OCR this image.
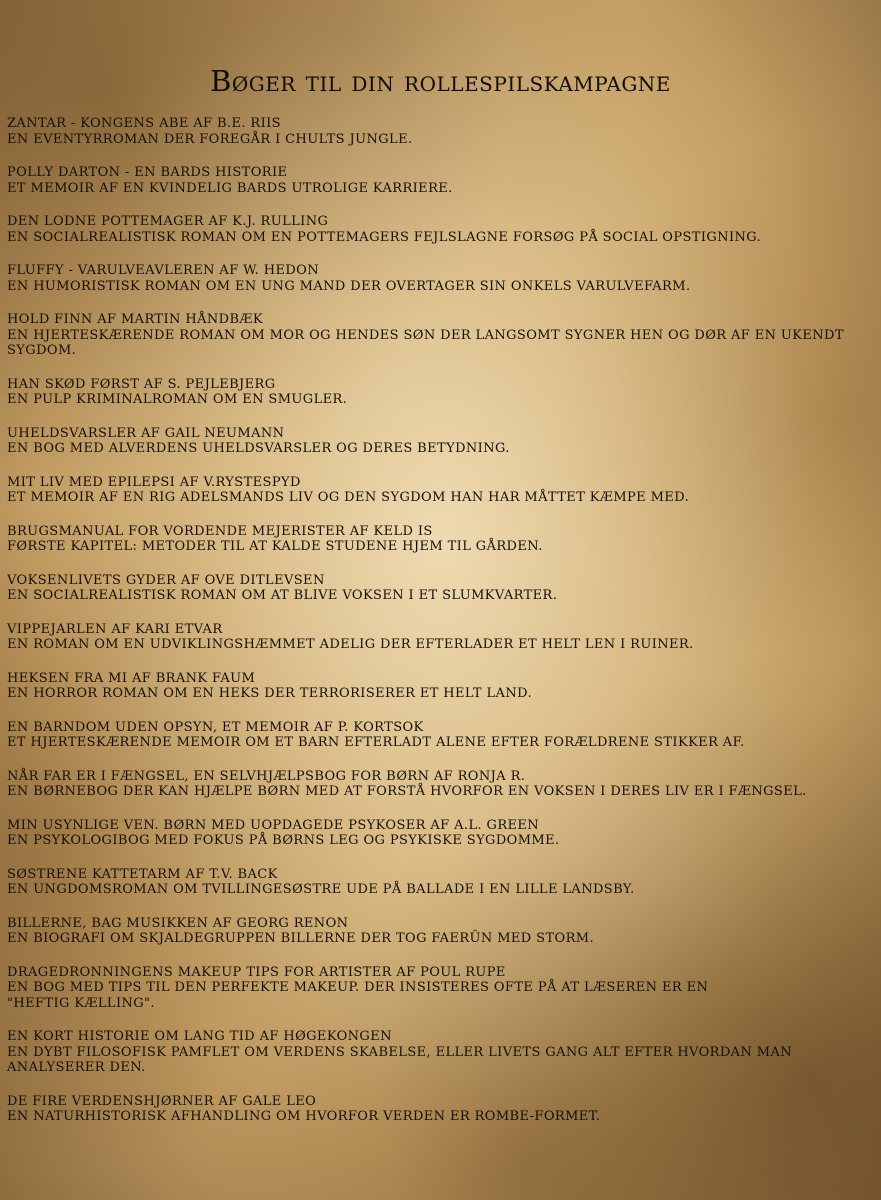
Bøger til din rollespilskampagne
ZANTAR - KONGENS ABE AF B.E. RIIS
EN EVENTYRROMAN DER FOREGÅR I CHULTS JUNGLE.
POLLY DARTON - EN BARDS HISTORIE
ET MEMOIR AF EN KVINDELIG BARDS UTROLIGE KARRIERE.
DEN LODNE POTTEMAGER AF K.J. RULLING
EN SOCIALREALISTISK ROMAN OM EN POTTEMAGERS FEJLSLAGNE FORSØG PÅ SOCIAL OPSTIGNING.
FLUFFY - VARULVEAVLEREN AF W. HEDON
EN HUMORISTISK ROMAN OM EN UNG MAND DER OVERTAGER SIN ONKELS VARULVEFARM.
HOLD FINN AF MARTIN HÅNDBÆK
EN HJERTESKÆRENDE ROMAN OM MOR OG HENDES SØN DER LANGSOMT SYGNER HEN OG DØR AF EN UKENDT SYGDOM.
HAN SKØD FØRST AF S. PEJLEBJERG
EN PULP KRIMINALROMAN OM EN SMUGLER.
UHELDSVARSLER AF GAIL NEUMANN
EN BOG MED ALVERDENS UHELDSVARSLER OG DERES BETYDNING.
MIT LIV MED EPILEPSI AF V.RYSTESPYD
ET MEMOIR AF EN RIG ADELSMANDS LIV OG DEN SYGDOM HAN HAR MÅTTET KÆMPE MED.
BRUGSMANUAL FOR VORDENDE MEJERISTER AF KELD IS
FØRSTE KAPITEL: METODER TIL AT KALDE STUDENE HJEM TIL GÅRDEN.
VOKSENLIVETS GYDER AF OVE DITLEVSEN
EN SOCIALREALISTISK ROMAN OM AT BLIVE VOKSEN I ET SLUMKVARTER.
VIPPEJARLEN AF KARI ETVAR
EN ROMAN OM EN UDVIKLINGSHÆMMET ADELIG DER EFTERLADER ET HELT LEN I RUINER.
HEKSEN FRA MI AF BRANK FAUM
EN HORROR ROMAN OM EN HEKS DER TERRORISERER ET HELT LAND.
EN BARNDOM UDEN OPSYN, ET MEMOIR AF P. KORTSOK
ET HJERTESKÆRENDE MEMOIR OM ET BARN EFTERLADT ALENE EFTER FORÆLDRENE STIKKER AF.
NÅR FAR ER I FÆNGSEL, EN SELVHJÆLPSBOG FOR BØRN AF RONJA R.
EN BØRNEBOG DER KAN HJÆLPE BØRN MED AT FORSTÅ HVORFOR EN VOKSEN I DERES LIV ER I FÆNGSEL.
MIN USYNLIGE VEN. BØRN MED UOPDAGEDE PSYKOSER AF A.L. GREEN
EN PSYKOLOGIBOG MED FOKUS PÅ BØRNS LEG OG PSYKISKE SYGDOMME.
SØSTRENE KATTETARM AF T.V. BACK
EN UNGDOMSROMAN OM TVILLINGESØSTRE UDE PÅ BALLADE I EN LILLE LANDSBY.
BILLERNE, BAG MUSIKKEN AF GEORG RENON
EN BIOGRAFI OM SKJALDEGRUPPEN BILLERNE DER TOG FAERÛN MED STORM.
DRAGEDRONNINGENS MAKEUP TIPS FOR ARTISTER AF POUL RUPE
EN BOG MED TIPS TIL DEN PERFEKTE MAKEUP. DER INSISTERES OFTE PÅ AT LÆSEREN ER EN "HEFTIG KÆLLING".
EN KORT HISTORIE OM LANG TID AF HØGEKONGEN
EN DYBT FILOSOFISK PAMFLET OM VERDENS SKABELSE, ELLER LIVETS GANG ALT EFTER HVORDAN MAN ANALYSERER DEN.
DE FIRE VERDENSHJØRNER AF GALE LEO
EN NATURHISTORISK AFHANDLING OM HVORFOR VERDEN ER ROMBE-FORMET.
